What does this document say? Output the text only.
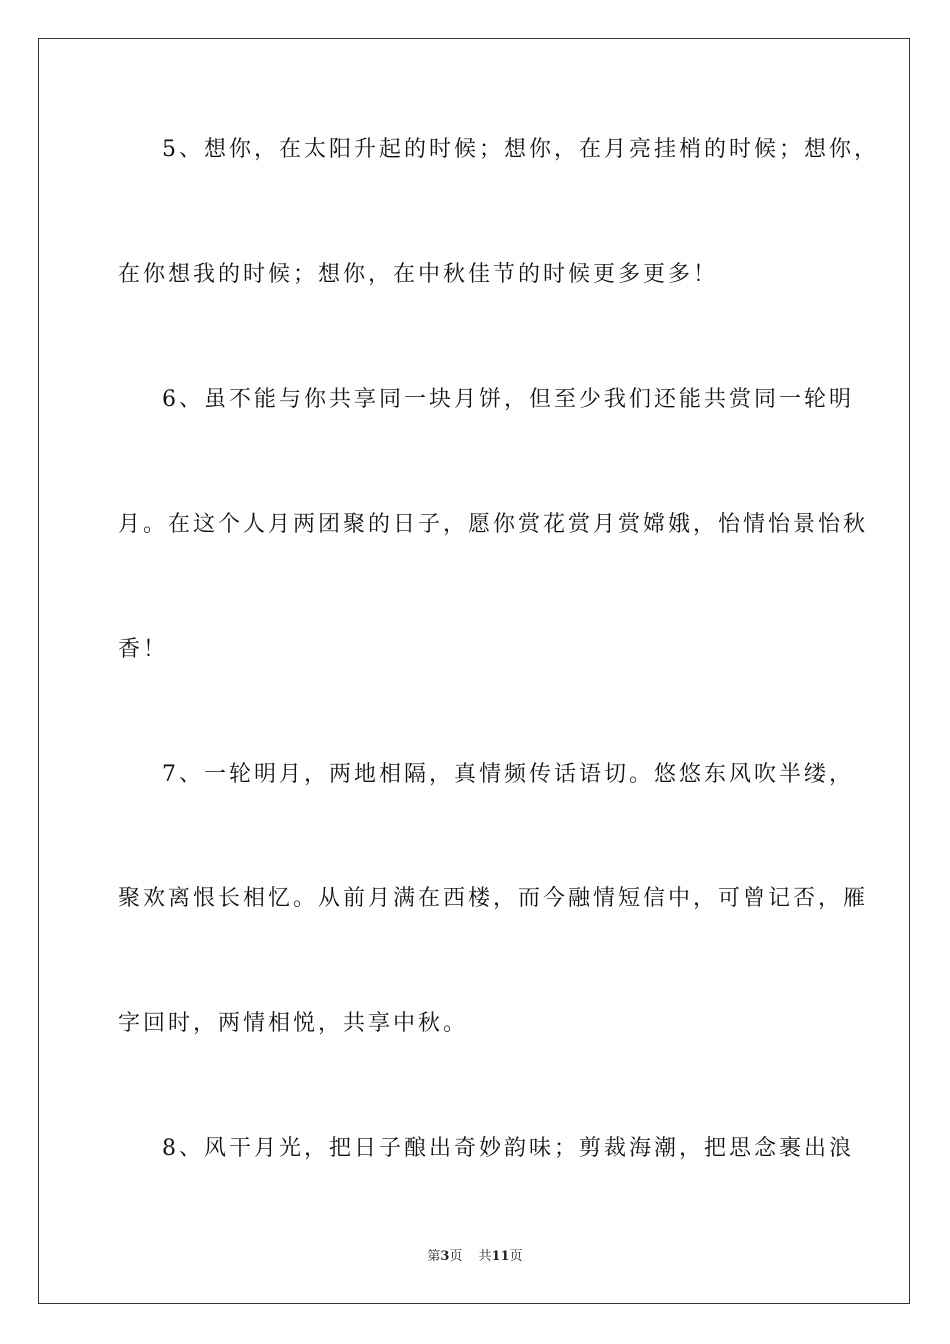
5、想你，在太阳升起的时候；想你，在月亮挂梢的时候；想你，
在你想我的时候；想你，在中秋佳节的时候更多更多！
6、虽不能与你共享同一块月饼，但至少我们还能共赏同一轮明
月。在这个人月两团聚的日子，愿你赏花赏月赏嫦娥，怡情怡景怡秋
香！
7、一轮明月，两地相隔，真情频传话语切。悠悠东风吹半缕，
聚欢离恨长相忆。从前月满在西楼，而今融情短信中，可曾记否，雁
字回时，两情相悦，共享中秋。
8、风干月光，把日子酿出奇妙韵味；剪裁海潮，把思念裹出浪
第3页 共11页
